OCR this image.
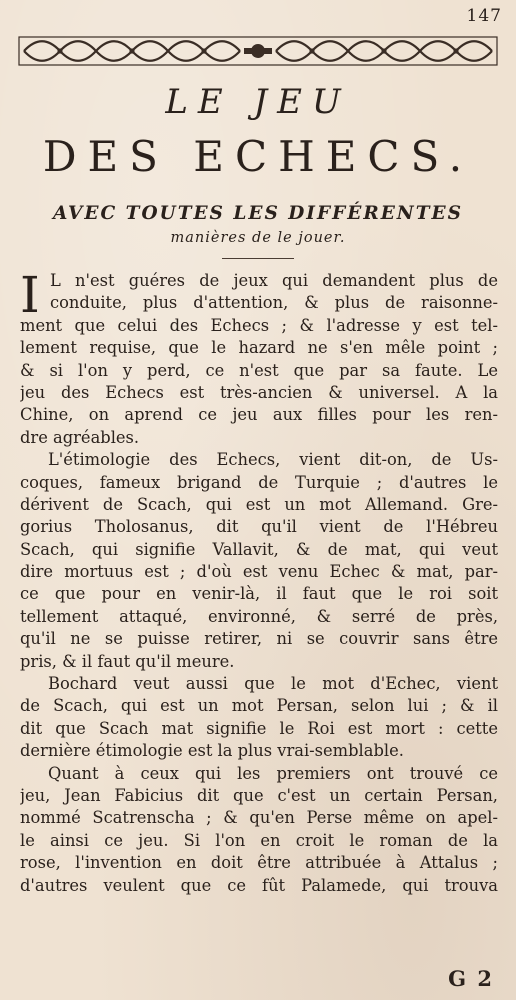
147
LE JEU
DES ECHECS.
AVEC TOUTES LES DIFFÉRENTES
manières de le jouer.
I L n'est guéres de jeux qui demandent plus de
conduite, plus d'attention, & plus de raisonne-
ment que celui des Echecs ; & l'adresse y est tel-
lement requise, que le hazard ne s'en mêle point ;
& si l'on y perd, ce n'est que par sa faute. Le
jeu des Echecs est très-ancien & universel. A la
Chine, on aprend ce jeu aux filles pour les ren-
dre agréables.
L'étimologie des Echecs, vient dit-on, de Us-
coques, fameux brigand de Turquie ; d'autres le
dérivent de Scach, qui est un mot Allemand. Gre-
gorius Tholosanus, dit qu'il vient de l'Hébreu
Scach, qui signifie Vallavit, & de mat, qui veut
dire mortuus est ; d'où est venu Echec & mat, par-
ce que pour en venir-là, il faut que le roi soit
tellement attaqué, environné, & serré de près,
qu'il ne se puisse retirer, ni se couvrir sans être
pris, & il faut qu'il meure.
Bochard veut aussi que le mot d'Echec, vient
de Scach, qui est un mot Persan, selon lui ; & il
dit que Scach mat signifie le Roi est mort : cette
dernière étimologie est la plus vrai-semblable.
Quant à ceux qui les premiers ont trouvé ce
jeu, Jean Fabicius dit que c'est un certain Persan,
nommé Scatrenscha ; & qu'en Perse même on apel-
le ainsi ce jeu. Si l'on en croit le roman de la
rose, l'invention en doit être attribuée à Attalus ;
d'autres veulent que ce fût Palamede, qui trouva
G 2
